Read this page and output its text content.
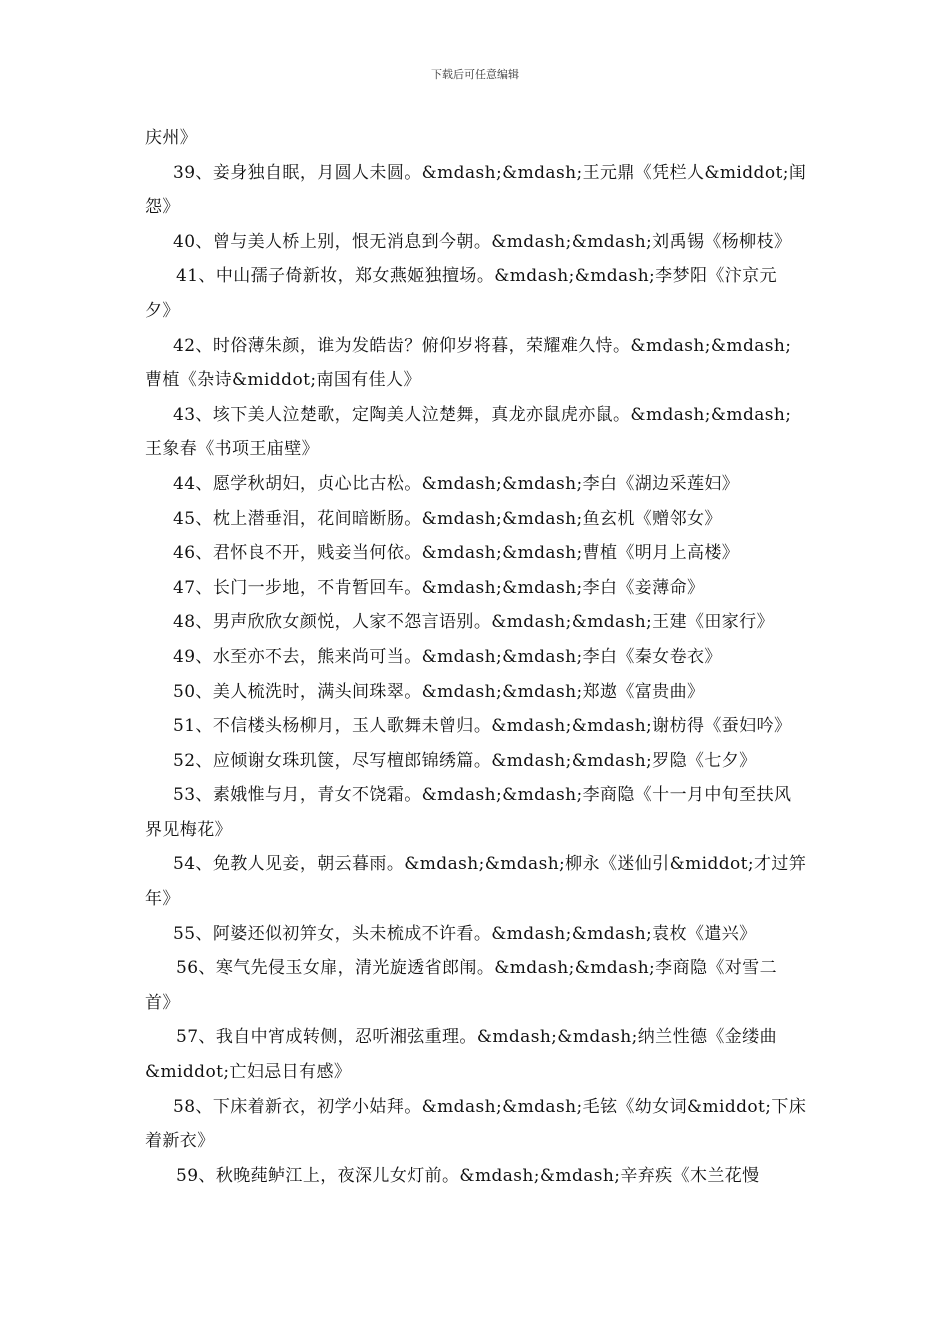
下载后可任意编辑
庆州》
39、妾身独自眠，月圆人未圆。&mdash;&mdash;王元鼎《凭栏人&middot;闺
怨》
40、曾与美人桥上别，恨无消息到今朝。&mdash;&mdash;刘禹锡《杨柳枝》
41、中山孺子倚新妆，郑女燕姬独擅场。&mdash;&mdash;李梦阳《汴京元
夕》
42、时俗薄朱颜，谁为发皓齿？俯仰岁将暮，荣耀难久恃。&mdash;&mdash;
曹植《杂诗&middot;南国有佳人》
43、垓下美人泣楚歌，定陶美人泣楚舞，真龙亦鼠虎亦鼠。&mdash;&mdash;
王象春《书项王庙壁》
44、愿学秋胡妇，贞心比古松。&mdash;&mdash;李白《湖边采莲妇》
45、枕上潜垂泪，花间暗断肠。&mdash;&mdash;鱼玄机《赠邻女》
46、君怀良不开，贱妾当何依。&mdash;&mdash;曹植《明月上高楼》
47、长门一步地，不肯暂回车。&mdash;&mdash;李白《妾薄命》
48、男声欣欣女颜悦，人家不怨言语别。&mdash;&mdash;王建《田家行》
49、水至亦不去，熊来尚可当。&mdash;&mdash;李白《秦女卷衣》
50、美人梳洗时，满头间珠翠。&mdash;&mdash;郑遨《富贵曲》
51、不信楼头杨柳月，玉人歌舞未曾归。&mdash;&mdash;谢枋得《蚕妇吟》
52、应倾谢女珠玑箧，尽写檀郎锦绣篇。&mdash;&mdash;罗隐《七夕》
53、素娥惟与月，青女不饶霜。&mdash;&mdash;李商隐《十一月中旬至扶风
界见梅花》
54、免教人见妾，朝云暮雨。&mdash;&mdash;柳永《迷仙引&middot;才过笄
年》
55、阿婆还似初笄女，头未梳成不许看。&mdash;&mdash;袁枚《遣兴》
56、寒气先侵玉女扉，清光旋透省郎闱。&mdash;&mdash;李商隐《对雪二
首》
57、我自中宵成转侧，忍听湘弦重理。&mdash;&mdash;纳兰性德《金缕曲
&middot;亡妇忌日有感》
58、下床着新衣，初学小姑拜。&mdash;&mdash;毛铉《幼女词&middot;下床
着新衣》
59、秋晚莼鲈江上，夜深儿女灯前。&mdash;&mdash;辛弃疾《木兰花慢
